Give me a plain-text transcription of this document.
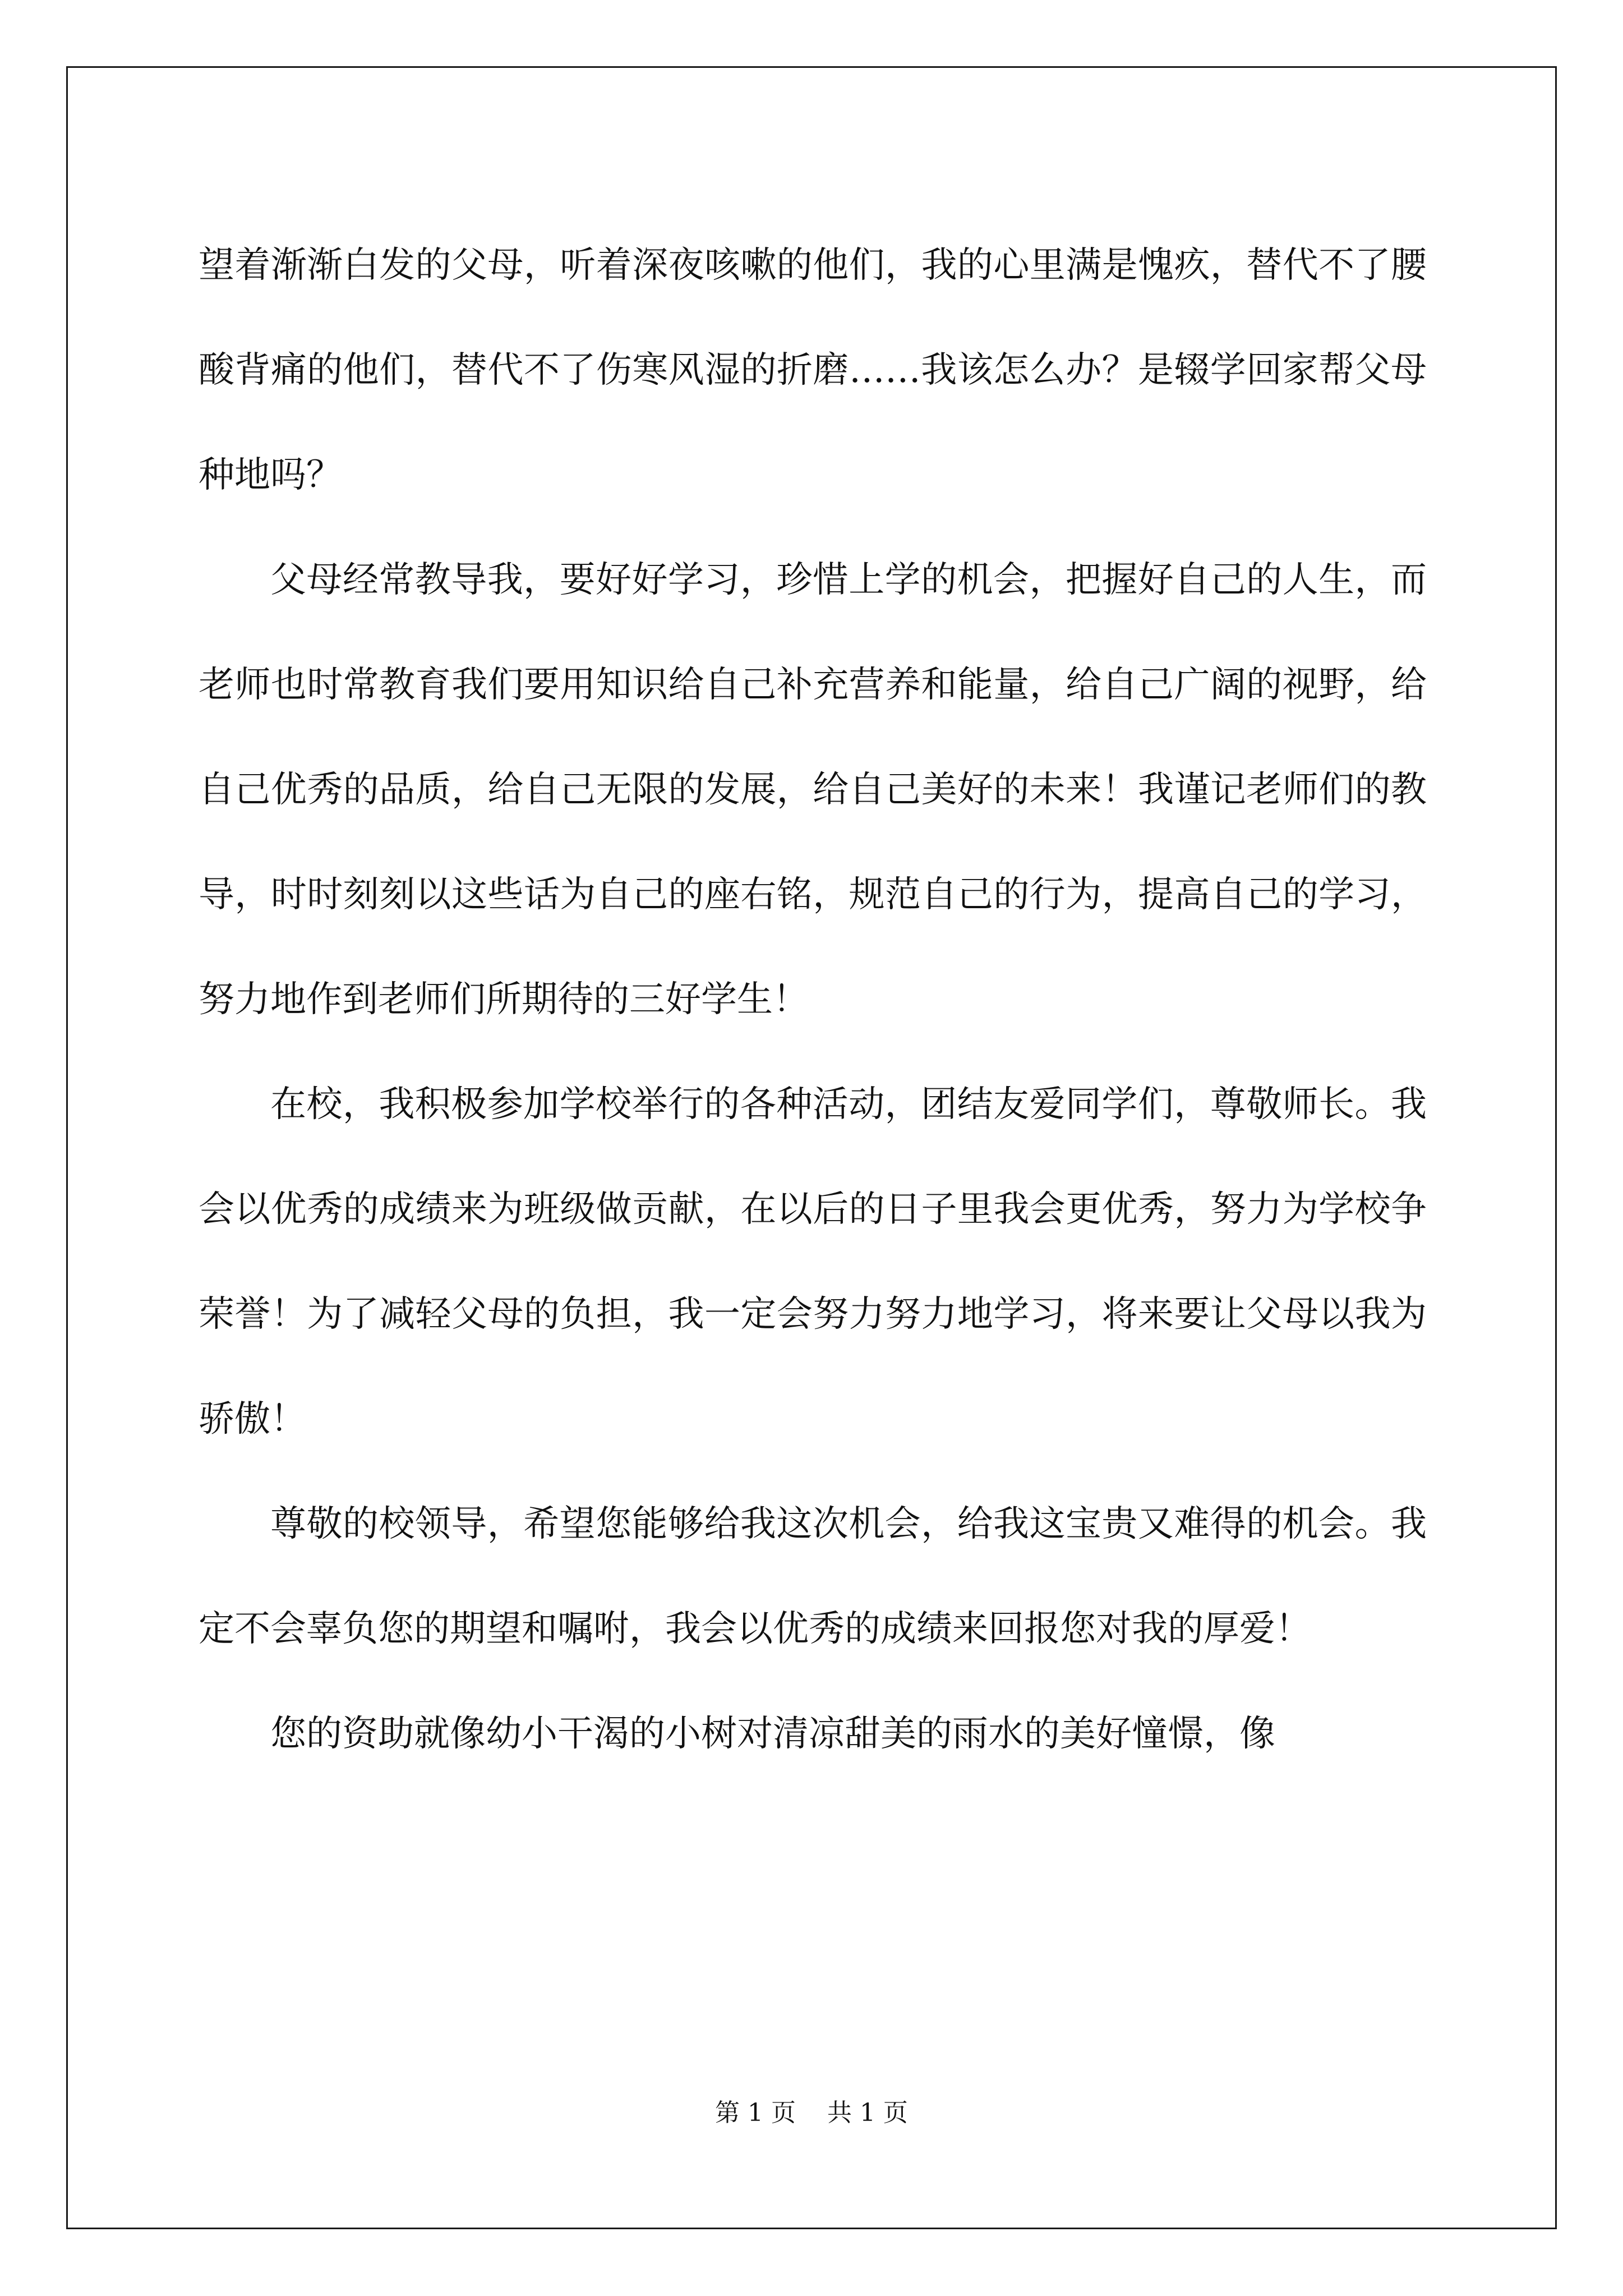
望着渐渐白发的父母，听着深夜咳嗽的他们，我的心里满是愧疚，替代不了腰酸背痛的他们，替代不了伤寒风湿的折磨……我该怎么办？是辍学回家帮父母种地吗？

父母经常教导我，要好好学习，珍惜上学的机会，把握好自己的人生，而老师也时常教育我们要用知识给自己补充营养和能量，给自己广阔的视野，给自己优秀的品质，给自己无限的发展，给自己美好的未来！我谨记老师们的教导，时时刻刻以这些话为自己的座右铭，规范自己的行为，提高自己的学习，努力地作到老师们所期待的三好学生！

在校，我积极参加学校举行的各种活动，团结友爱同学们，尊敬师长。我会以优秀的成绩来为班级做贡献，在以后的日子里我会更优秀，努力为学校争荣誉！为了减轻父母的负担，我一定会努力努力地学习，将来要让父母以我为骄傲！

尊敬的校领导，希望您能够给我这次机会，给我这宝贵又难得的机会。我定不会辜负您的期望和嘱咐，我会以优秀的成绩来回报您对我的厚爱！

您的资助就像幼小干渴的小树对清凉甜美的雨水的美好憧憬，像

第 1 页    共 1 页
